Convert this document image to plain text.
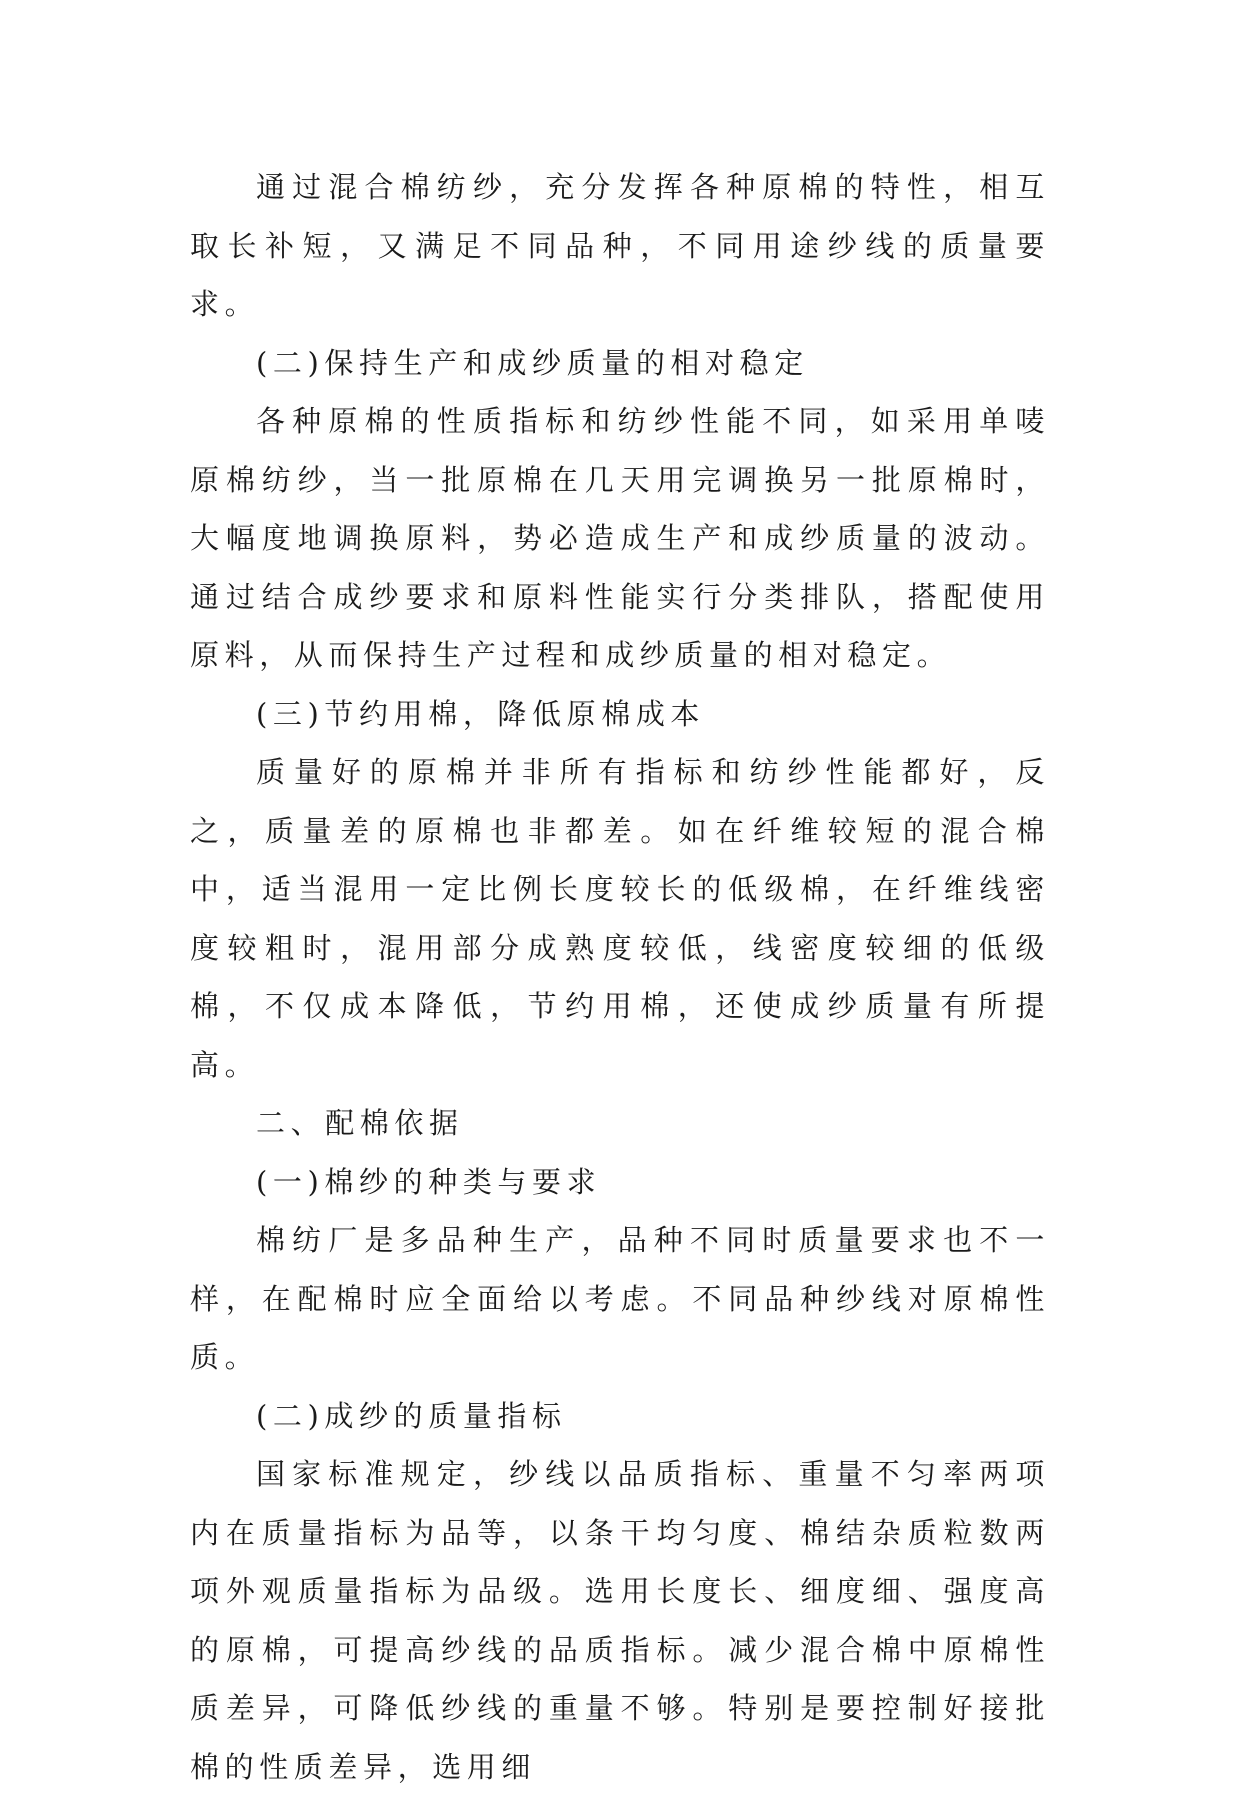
通过混合棉纺纱，充分发挥各种原棉的特性，相互取长补短，又满足不同品种，不同用途纱线的质量要求。

(二)保持生产和成纱质量的相对稳定

各种原棉的性质指标和纺纱性能不同，如采用单唛原棉纺纱，当一批原棉在几天用完调换另一批原棉时，大幅度地调换原料，势必造成生产和成纱质量的波动。通过结合成纱要求和原料性能实行分类排队，搭配使用原料，从而保持生产过程和成纱质量的相对稳定。

(三)节约用棉，降低原棉成本

质量好的原棉并非所有指标和纺纱性能都好，反之，质量差的原棉也非都差。如在纤维较短的混合棉中，适当混用一定比例长度较长的低级棉，在纤维线密度较粗时，混用部分成熟度较低，线密度较细的低级棉，不仅成本降低，节约用棉，还使成纱质量有所提高。

二、配棉依据

(一)棉纱的种类与要求

棉纺厂是多品种生产，品种不同时质量要求也不一样，在配棉时应全面给以考虑。不同品种纱线对原棉性质。

(二)成纱的质量指标

国家标准规定，纱线以品质指标、重量不匀率两项内在质量指标为品等，以条干均匀度、棉结杂质粒数两项外观质量指标为品级。选用长度长、细度细、强度高的原棉，可提高纱线的品质指标。减少混合棉中原棉性质差异，可降低纱线的重量不够。特别是要控制好接批棉的性质差异，选用细
